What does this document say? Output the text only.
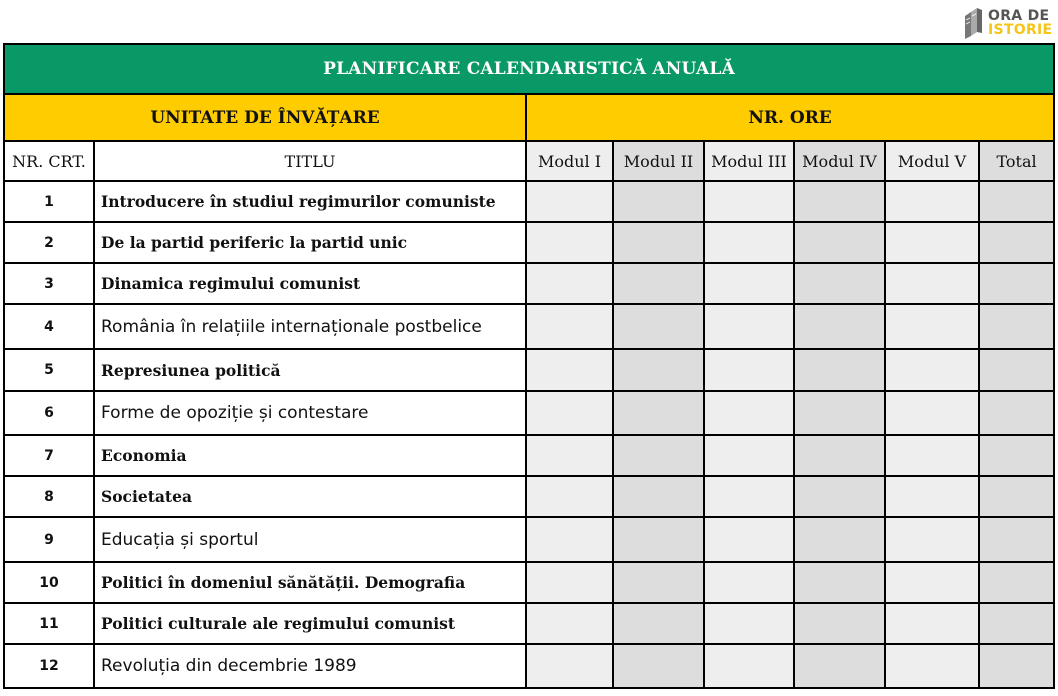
ORA DE
ISTORIE
PLANIFICARE CALENDARISTICĂ ANUALĂ							
UNITATE DE ÎNVĂȚARE		NR. ORE					
NR. CRT.	TITLU	Modul I	Modul II	Modul III	Modul IV	Modul V	Total
1	Introducere în studiul regimurilor comuniste						
2	De la partid periferic la partid unic						
3	Dinamica regimului comunist						
4	România în relațiile internaționale postbelice						
5	Represiunea politică						
6	Forme de opoziție și contestare						
7	Economia						
8	Societatea						
9	Educația și sportul						
10	Politici în domeniul sănătății. Demografia						
11	Politici culturale ale regimului comunist						
12	Revoluția din decembrie 1989						
